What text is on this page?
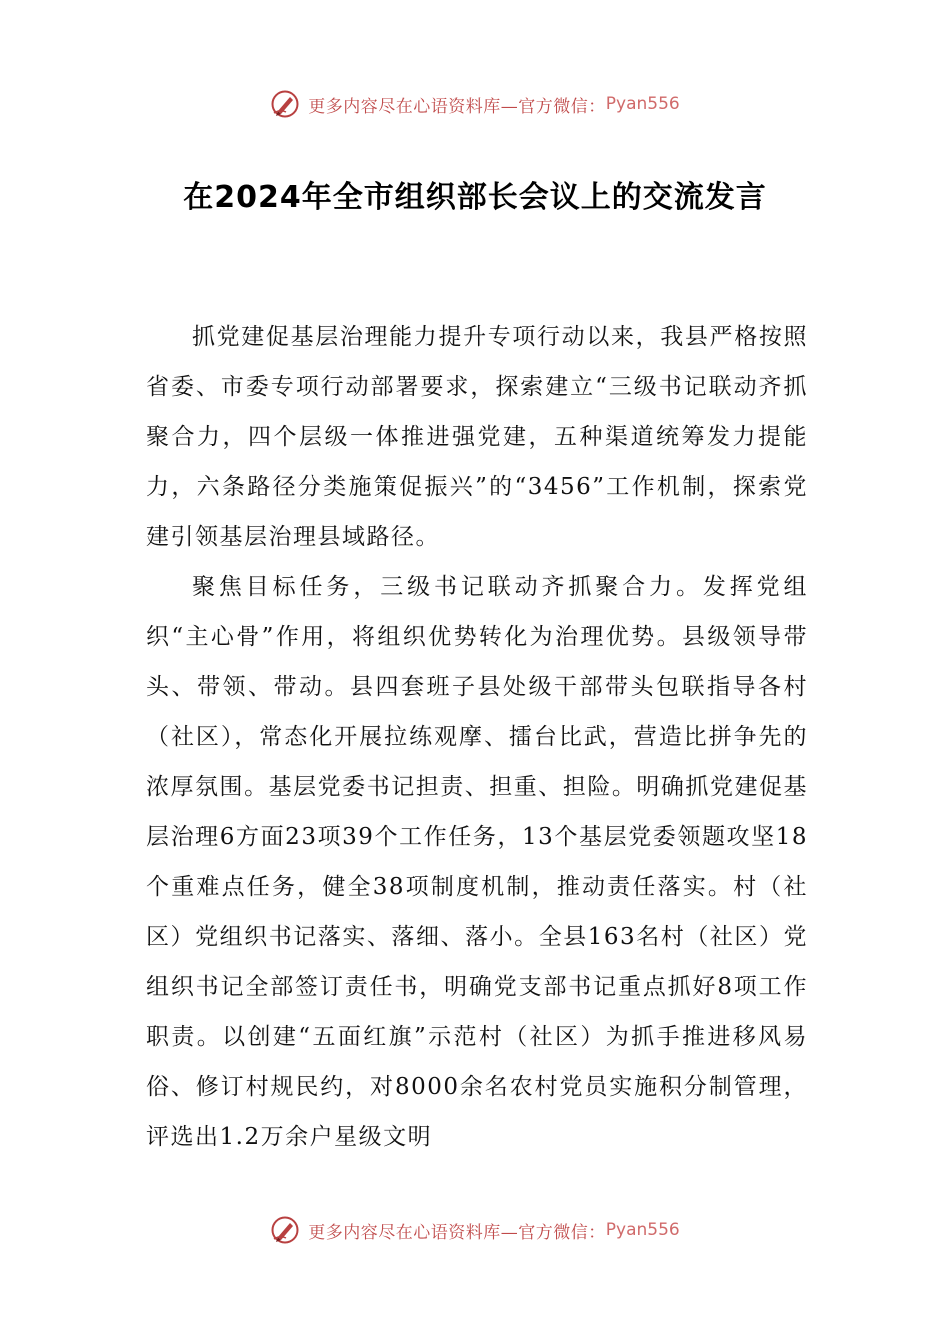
更多内容尽在心语资料库—官方微信： Pyan556
在2024年全市组织部长会议上的交流发言

抓党建促基层治理能力提升专项行动以来，我县严格按照省委、市委专项行动部署要求，探索建立“三级书记联动齐抓聚合力，四个层级一体推进强党建，五种渠道统筹发力提能力，六条路径分类施策促振兴”的“3456”工作机制，探索党建引领基层治理县域路径。

聚焦目标任务，三级书记联动齐抓聚合力。发挥党组织“主心骨”作用，将组织优势转化为治理优势。县级领导带头、带领、带动。县四套班子县处级干部带头包联指导各村（社区），常态化开展拉练观摩、擂台比武，营造比拼争先的浓厚氛围。基层党委书记担责、担重、担险。明确抓党建促基层治理6方面23项39个工作任务，13个基层党委领题攻坚18个重难点任务，健全38项制度机制，推动责任落实。村（社区）党组织书记落实、落细、落小。全县163名村（社区）党组织书记全部签订责任书，明确党支部书记重点抓好8项工作职责。以创建“五面红旗”示范村（社区）为抓手推进移风易俗、修订村规民约，对8000余名农村党员实施积分制管理，评选出1.2万余户星级文明

更多内容尽在心语资料库—官方微信： Pyan556
